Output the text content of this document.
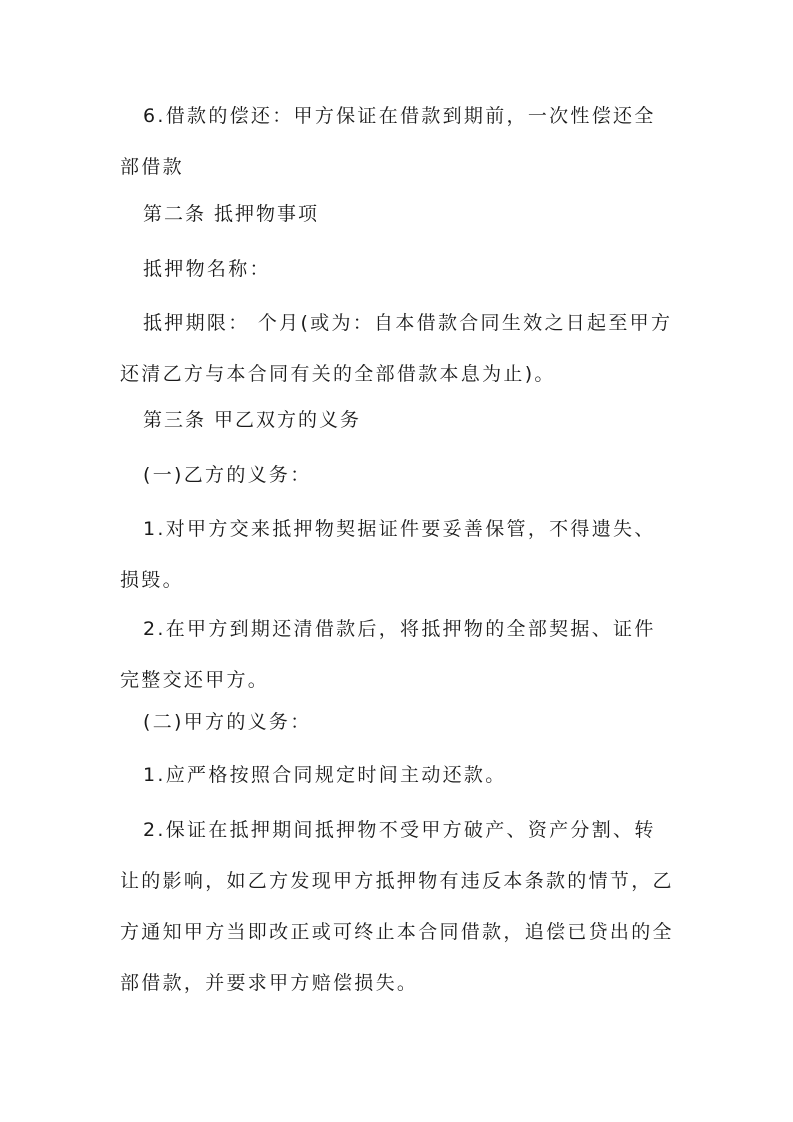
6.借款的偿还：甲方保证在借款到期前，一次性偿还全部借款

第二条 抵押物事项

抵押物名称：

抵押期限： 个月(或为：自本借款合同生效之日起至甲方还清乙方与本合同有关的全部借款本息为止)。

第三条 甲乙双方的义务

(一)乙方的义务：

1.对甲方交来抵押物契据证件要妥善保管，不得遗失、损毁。

2.在甲方到期还清借款后，将抵押物的全部契据、证件完整交还甲方。

(二)甲方的义务：

1.应严格按照合同规定时间主动还款。

2.保证在抵押期间抵押物不受甲方破产、资产分割、转让的影响，如乙方发现甲方抵押物有违反本条款的情节，乙方通知甲方当即改正或可终止本合同借款，追偿已贷出的全部借款，并要求甲方赔偿损失。
